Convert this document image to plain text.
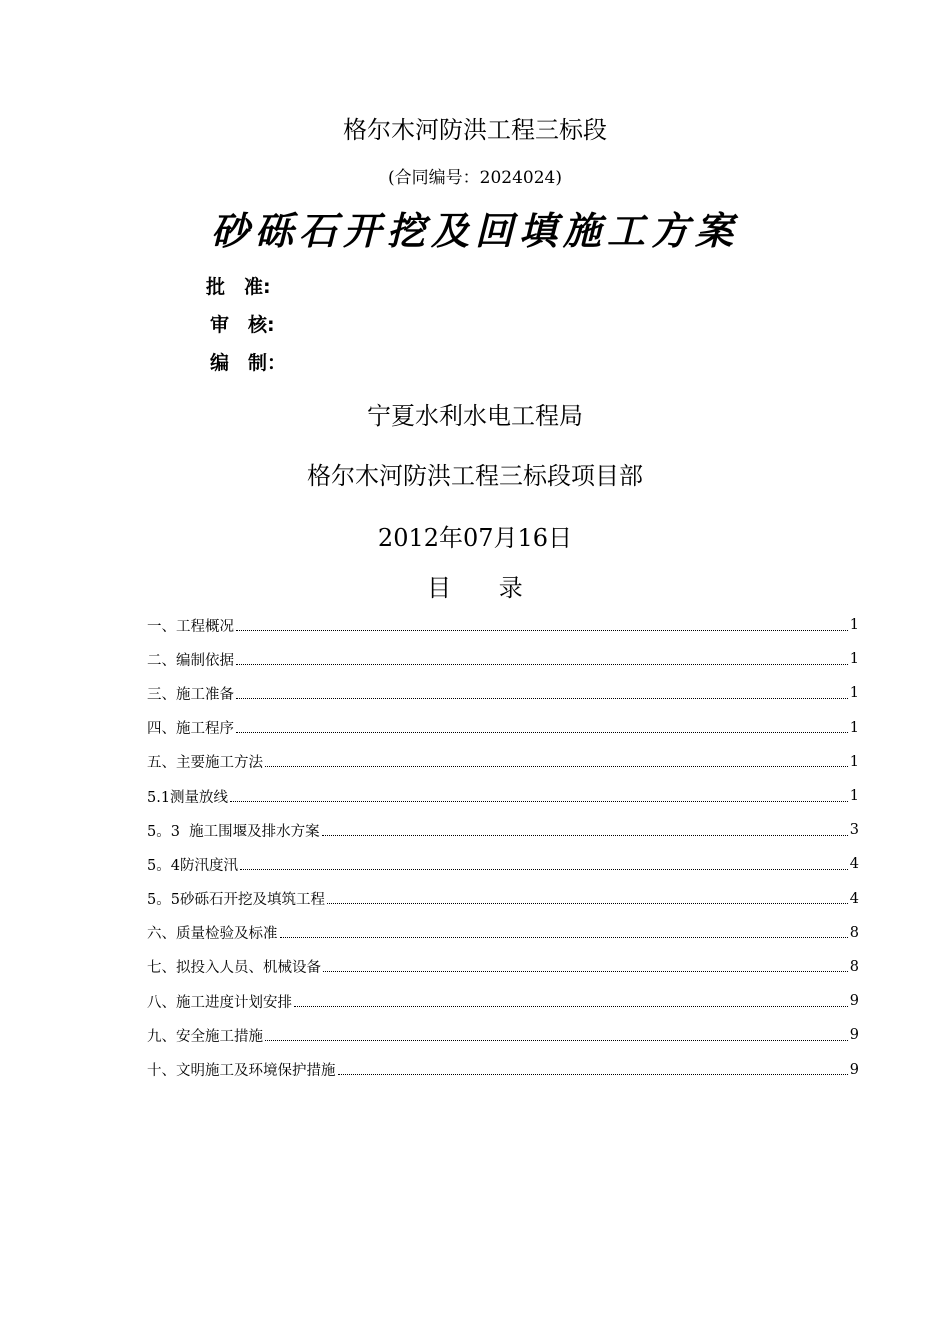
格尔木河防洪工程三标段
(合同编号：2024024)
砂砾石开挖及回填施工方案
批　准:
审　核:
编　制：
宁夏水利水电工程局
格尔木河防洪工程三标段项目部
2012年07月16日
目 录
一、工程概况	1
二、编制依据	1
三、施工准备	1
四、施工程序	1
五、主要施工方法	1
5.1测量放线	1
5。3  施工围堰及排水方案	3
5。4防汛度汛	4
5。5砂砾石开挖及填筑工程	4
六、质量检验及标准	8
七、拟投入人员、机械设备	8
八、施工进度计划安排	9
九、安全施工措施	9
十、文明施工及环境保护措施	9
